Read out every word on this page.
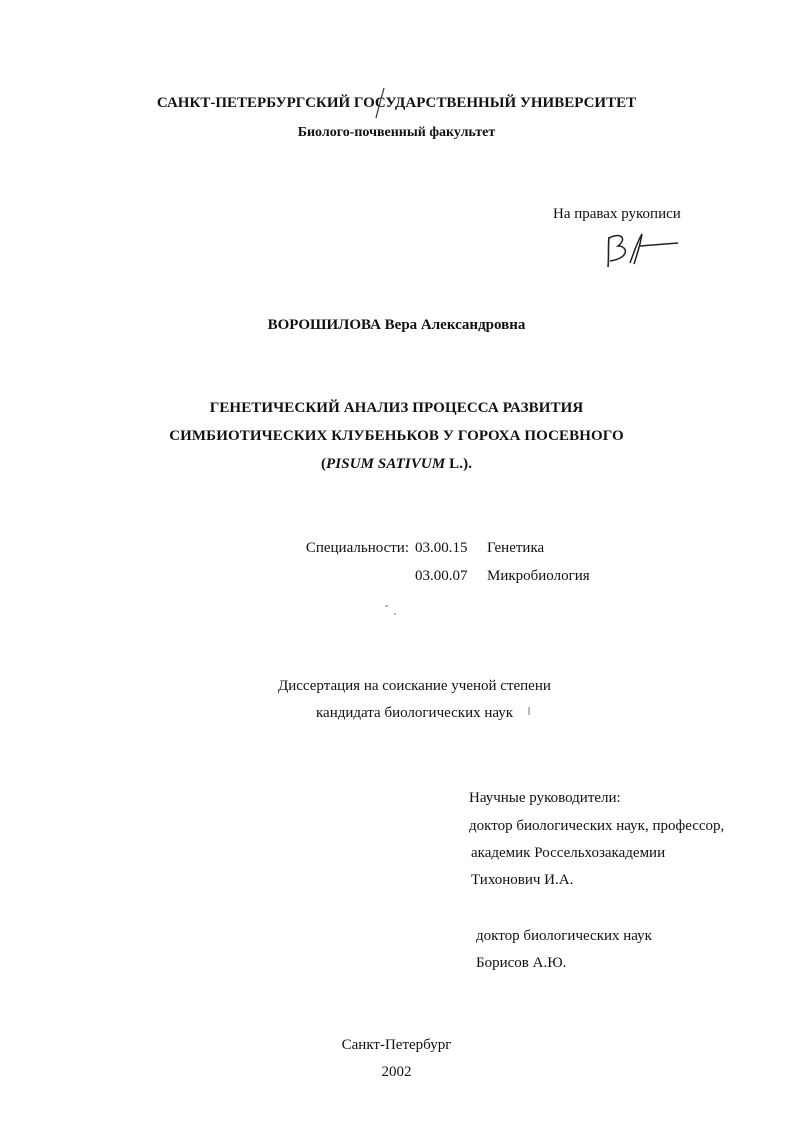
САНКТ-ПЕТЕРБУРГСКИЙ ГОСУДАРСТВЕННЫЙ УНИВЕРСИТЕТ
Биолого-почвенный факультет
На правах рукописи
ВОРОШИЛОВА Вера Александровна
ГЕНЕТИЧЕСКИЙ АНАЛИЗ ПРОЦЕССА РАЗВИТИЯ
СИМБИОТИЧЕСКИХ КЛУБЕНЬКОВ У ГОРОХА ПОСЕВНОГО
(PISUM SATIVUM L.).
Специальности: 03.00.15 Генетика
03.00.07 Микробиология
Диссертация на соискание ученой степени
кандидата биологических наук
Научные руководители:
доктор биологических наук, профессор,
академик Россельхозакадемии
Тихонович И.А.
доктор биологических наук
Борисов А.Ю.
Санкт-Петербург
2002
